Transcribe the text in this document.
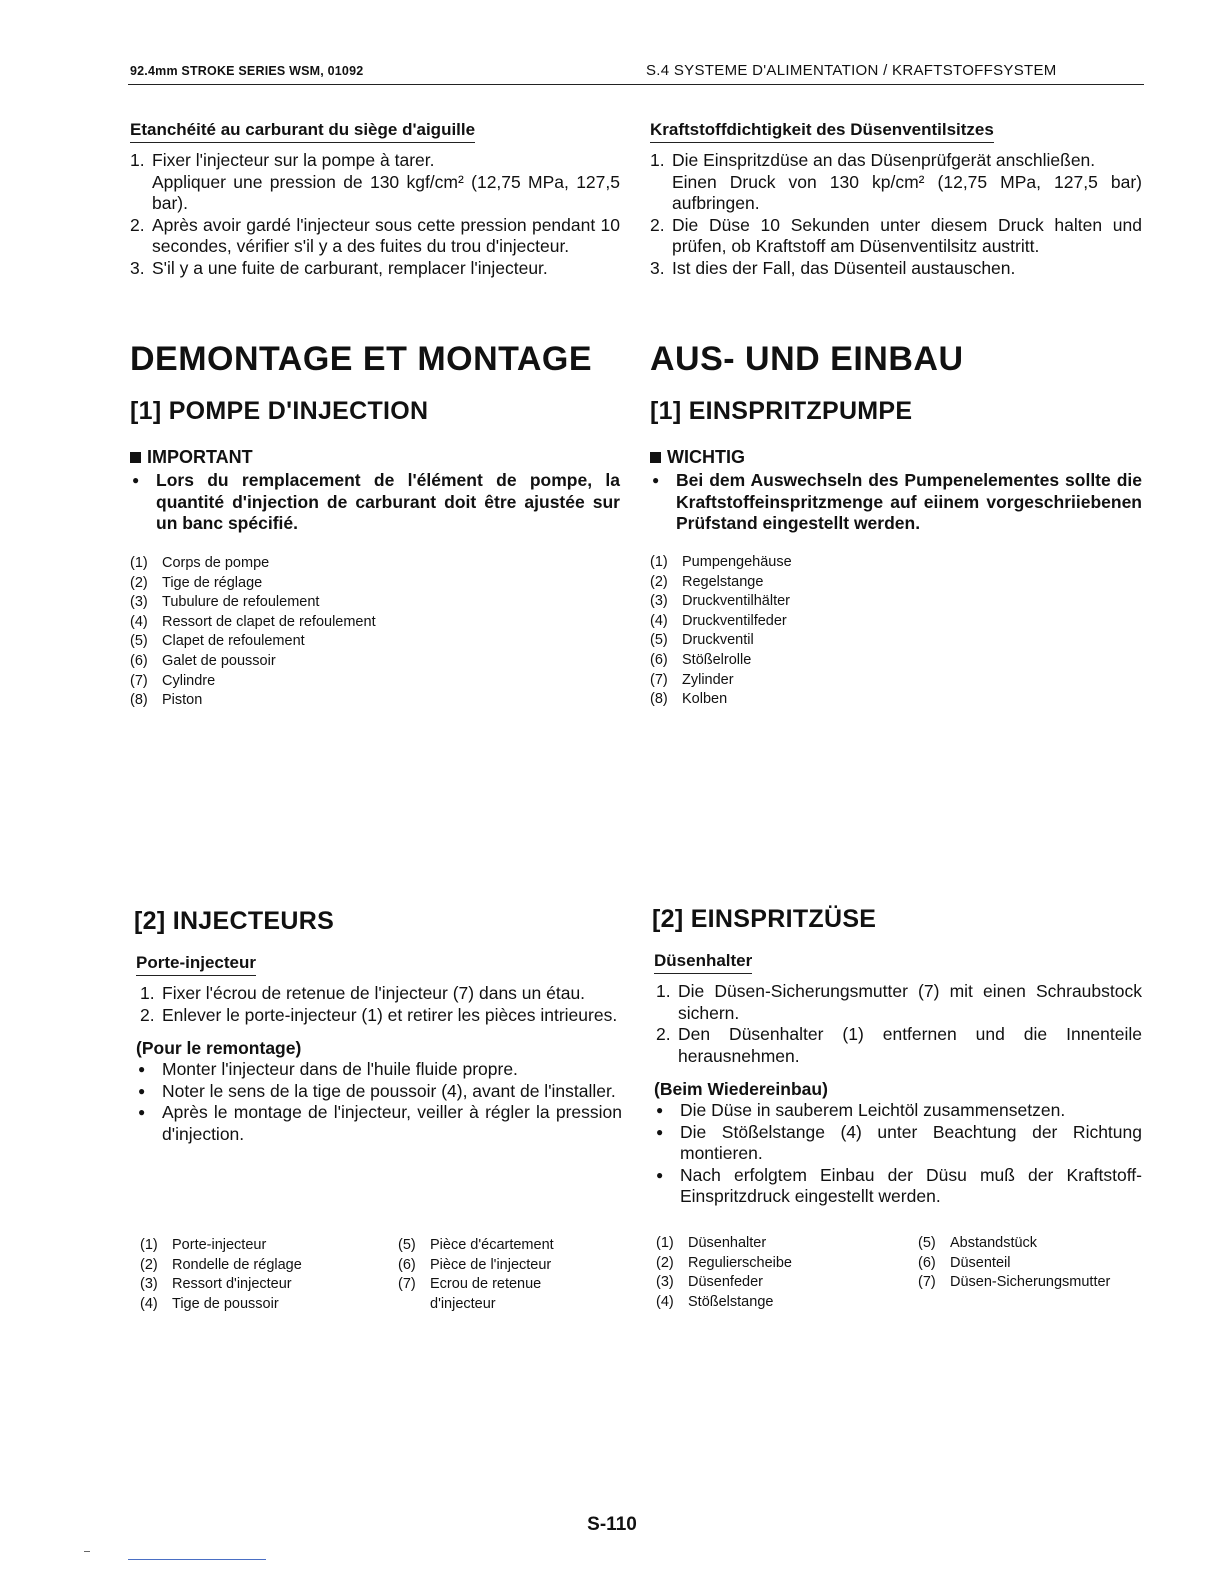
92.4mm STROKE SERIES WSM, 01092	S.4 SYSTEME D'ALIMENTATION / KRAFTSTOFFSYSTEM
Etanchéité au carburant du siège d'aiguille
1. Fixer l'injecteur sur la pompe à tarer.
Appliquer une pression de 130 kgf/cm² (12,75 MPa, 127,5 bar).
2. Après avoir gardé l'injecteur sous cette pression pendant 10 secondes, vérifier s'il y a des fuites du trou d'injecteur.
3. S'il y a une fuite de carburant, remplacer l'injecteur.
DEMONTAGE ET MONTAGE
[1] POMPE D'INJECTION
IMPORTANT
● Lors du remplacement de l'élément de pompe, la quantité d'injection de carburant doit être ajustée sur un banc spécifié.
(1) Corps de pompe
(2) Tige de réglage
(3) Tubulure de refoulement
(4) Ressort de clapet de refoulement
(5) Clapet de refoulement
(6) Galet de poussoir
(7) Cylindre
(8) Piston
[2] INJECTEURS
Porte-injecteur
1. Fixer l'écrou de retenue de l'injecteur (7) dans un étau.
2. Enlever le porte-injecteur (1) et retirer les pièces intrieures.
(Pour le remontage)
● Monter l'injecteur dans de l'huile fluide propre.
● Noter le sens de la tige de poussoir (4), avant de l'installer.
● Après le montage de l'injecteur, veiller à régler la pression d'injection.
(1) Porte-injecteur
(2) Rondelle de réglage
(3) Ressort d'injecteur
(4) Tige de poussoir
(5) Pièce d'écartement
(6) Pièce de l'injecteur
(7) Ecrou de retenue
d'injecteur
Kraftstoffdichtigkeit des Düsenventilsitzes
1. Die Einspritzdüse an das Düsenprüfgerät anschließen.
Einen Druck von 130 kp/cm² (12,75 MPa, 127,5 bar) aufbringen.
2. Die Düse 10 Sekunden unter diesem Druck halten und prüfen, ob Kraftstoff am Düsenventilsitz austritt.
3. Ist dies der Fall, das Düsenteil austauschen.
AUS- UND EINBAU
[1] EINSPRITZPUMPE
WICHTIG
● Bei dem Auswechseln des Pumpenelementes sollte die Kraftstoffeinspritzmenge auf eiinem vorgeschriiebenen Prüfstand eingestellt werden.
(1) Pumpengehäuse
(2) Regelstange
(3) Druckventilhälter
(4) Druckventilfeder
(5) Druckventil
(6) Stößelrolle
(7) Zylinder
(8) Kolben
[2] EINSPRITZÜSE
Düsenhalter
1. Die Düsen-Sicherungsmutter (7) mit einen Schraubstock sichern.
2. Den Düsenhalter (1) entfernen und die Innenteile herausnehmen.
(Beim Wiedereinbau)
● Die Düse in sauberem Leichtöl zusammensetzen.
● Die Stößelstange (4) unter Beachtung der Richtung montieren.
● Nach erfolgtem Einbau der Düsu muß der Kraftstoff- Einspritzdruck eingestellt werden.
(1) Düsenhalter
(2) Regulierscheibe
(3) Düsenfeder
(4) Stößelstange
(5) Abstandstück
(6) Düsenteil
(7) Düsen-Sicherungsmutter
S-110
